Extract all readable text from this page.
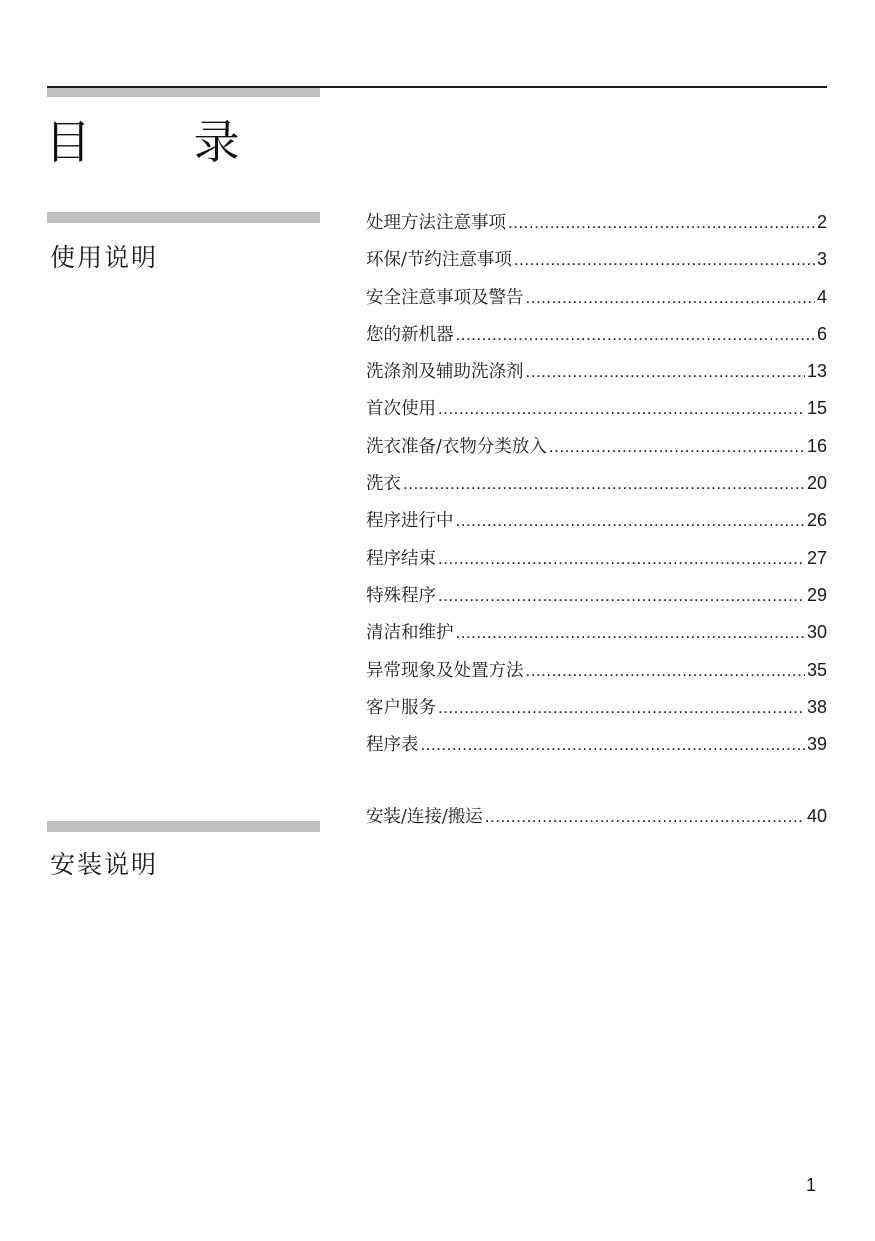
目 录
使用说明
处理方法注意事项 .....	2
环保/节约注意事项 .....	3
安全注意事项及警告 .....	4
您的新机器 .....	6
洗涤剂及辅助洗涤剂 .....	13
首次使用 .....	15
洗衣准备/衣物分类放入 .....	16
洗衣 .....	20
程序进行中 .....	26
程序结束 .....	27
特殊程序 .....	29
清洁和维护 .....	30
异常现象及处置方法 .....	35
客户服务 .....	38
程序表 .....	39
安装/连接/搬运 .....	40
安装说明
1
